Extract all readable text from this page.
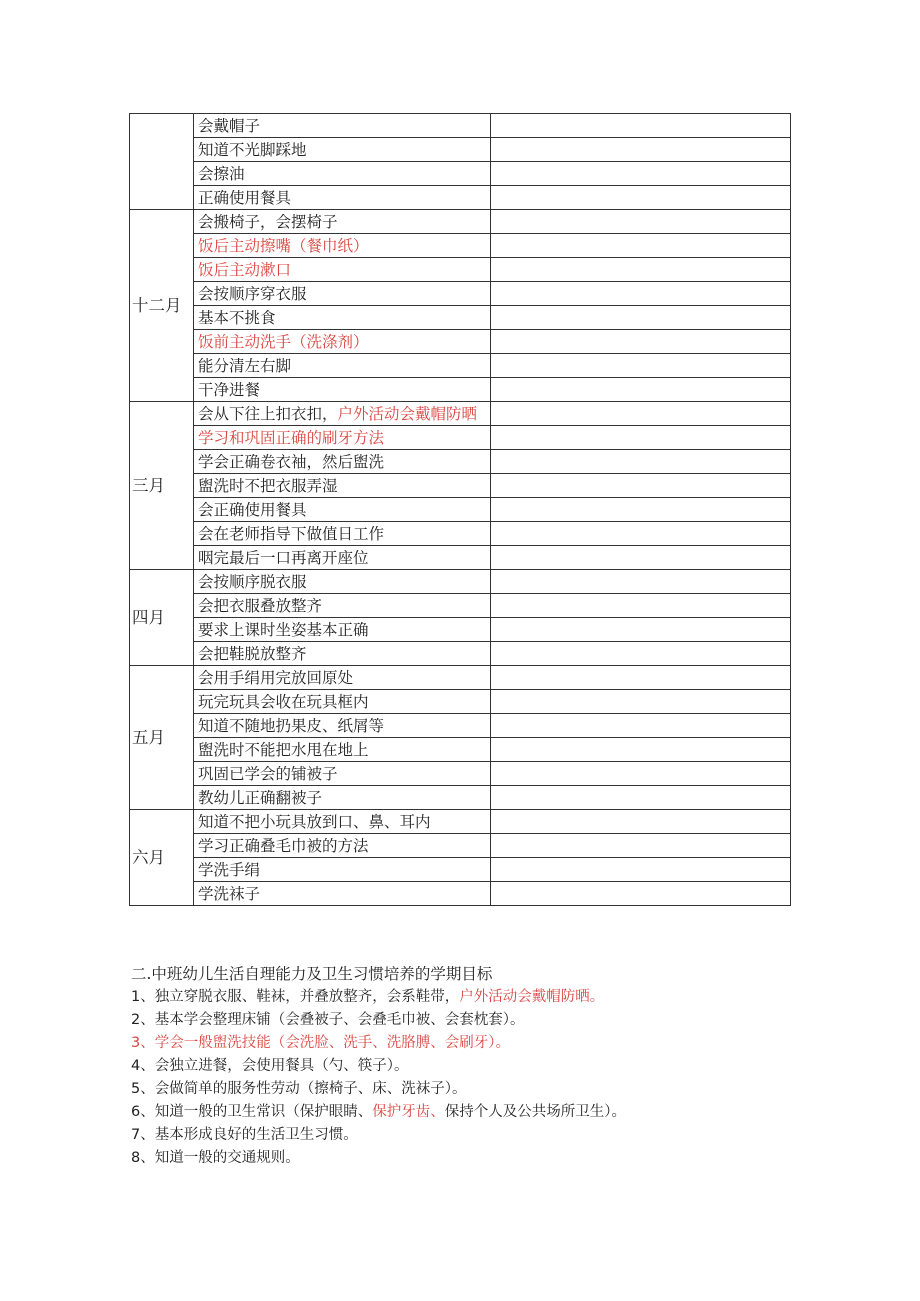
	会戴帽子	
	知道不光脚踩地	
	会擦油	
	正确使用餐具	
十二月	会搬椅子，会摆椅子	
	饭后主动擦嘴（餐巾纸）	
	饭后主动漱口	
	会按顺序穿衣服	
	基本不挑食	
	饭前主动洗手（洗涤剂）	
	能分清左右脚	
	干净进餐	
三月	会从下往上扣衣扣，户外活动会戴帽防晒	
	学习和巩固正确的刷牙方法	
	学会正确卷衣袖，然后盥洗	
	盥洗时不把衣服弄湿	
	会正确使用餐具	
	会在老师指导下做值日工作	
	咽完最后一口再离开座位	
四月	会按顺序脱衣服	
	会把衣服叠放整齐	
	要求上课时坐姿基本正确	
	会把鞋脱放整齐	
五月	会用手绢用完放回原处	
	玩完玩具会收在玩具框内	
	知道不随地扔果皮、纸屑等	
	盥洗时不能把水甩在地上	
	巩固已学会的铺被子	
	教幼儿正确翻被子	
六月	知道不把小玩具放到口、鼻、耳内	
	学习正确叠毛巾被的方法	
	学洗手绢	
	学洗袜子	
二.中班幼儿生活自理能力及卫生习惯培养的学期目标
1、独立穿脱衣服、鞋袜，并叠放整齐，会系鞋带，户外活动会戴帽防晒。
2、基本学会整理床铺（会叠被子、会叠毛巾被、会套枕套）。
3、学会一般盥洗技能（会洗脸、洗手、洗胳膊、会刷牙）。
4、会独立进餐，会使用餐具（勺、筷子）。
5、会做简单的服务性劳动（擦椅子、床、洗袜子）。
6、知道一般的卫生常识（保护眼睛、保护牙齿、保持个人及公共场所卫生）。
7、基本形成良好的生活卫生习惯。
8、知道一般的交通规则。
